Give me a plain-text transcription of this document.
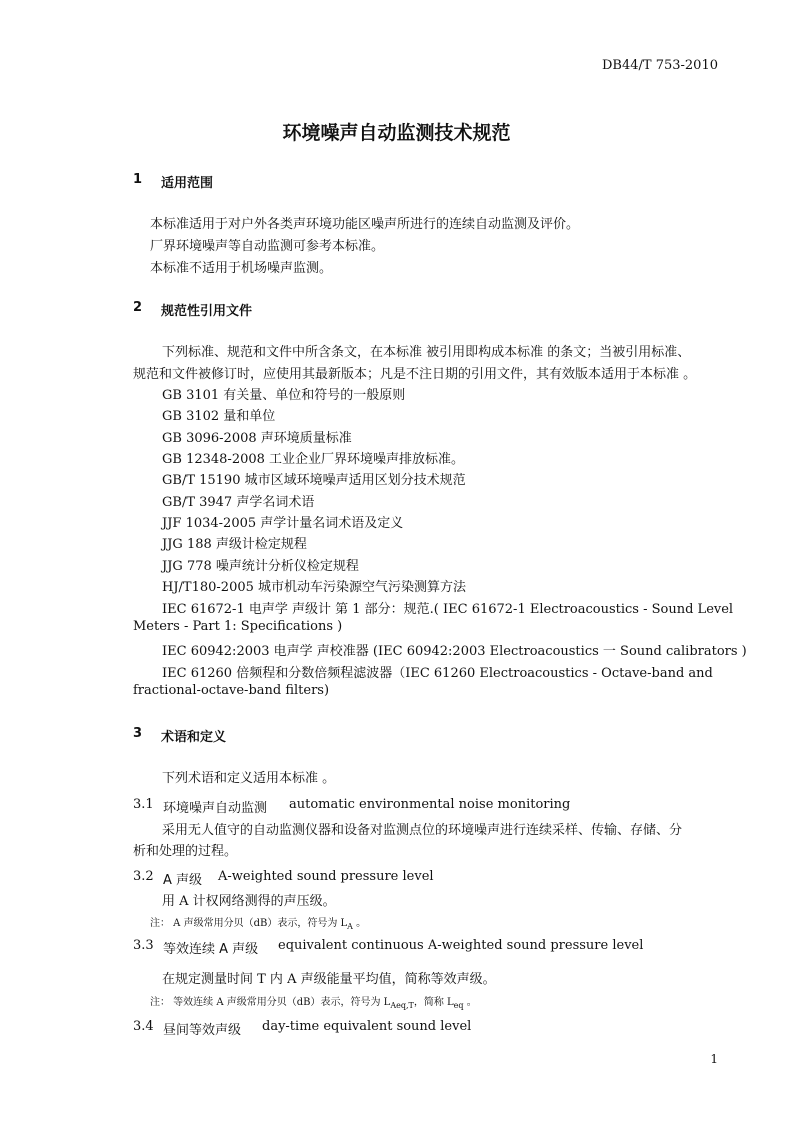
DB44/T 753-2010
环境噪声自动监测技术规范
1 适用范围
本标准适用于对户外各类声环境功能区噪声所进行的连续自动监测及评价。
厂界环境噪声等自动监测可参考本标准。
本标准不适用于机场噪声监测。
2 规范性引用文件
下列标准、规范和文件中所含条文，在本标准 被引用即构成本标准 的条文；当被引用标准、
规范和文件被修订时，应使用其最新版本；凡是不注日期的引用文件，其有效版本适用于本标准 。
GB 3101 有关量、单位和符号的一般原则
GB 3102 量和单位
GB 3096-2008 声环境质量标准
GB 12348-2008 工业企业厂界环境噪声排放标准。
GB/T 15190 城市区域环境噪声适用区划分技术规范
GB/T 3947 声学名词术语
JJF 1034-2005 声学计量名词术语及定义
JJG 188 声级计检定规程
JJG 778 噪声统计分析仪检定规程
HJ/T180-2005 城市机动车污染源空气污染测算方法
IEC 61672-1 电声学 声级计 第 1 部分：规范.( IEC 61672-1 Electroacoustics - Sound Level
Meters - Part 1: Specifications )
IEC 60942:2003 电声学 声校准器 (IEC 60942:2003 Electroacoustics 一 Sound calibrators )
IEC 61260 倍频程和分数倍频程滤波器（IEC 61260 Electroacoustics - Octave-band and
fractional-octave-band filters)
3 术语和定义
下列术语和定义适用本标准 。
3.1 环境噪声自动监测 automatic environmental noise monitoring
采用无人值守的自动监测仪器和设备对监测点位的环境噪声进行连续采样、传输、存储、分
析和处理的过程。
3.2 A 声级 A-weighted sound pressure level
用 A 计权网络测得的声压级。
注： A 声级常用分贝（dB）表示，符号为 $L_A$ 。
3.3 等效连续 A 声级 equivalent continuous A-weighted sound pressure level
在规定测量时间 T 内 A 声级能量平均值，简称等效声级。
注： 等效连续 A 声级常用分贝（dB）表示，符号为 $L_{Aeq,T}$，简称 $L_{eq}$ 。
3.4 昼间等效声级 day-time equivalent sound level
1
